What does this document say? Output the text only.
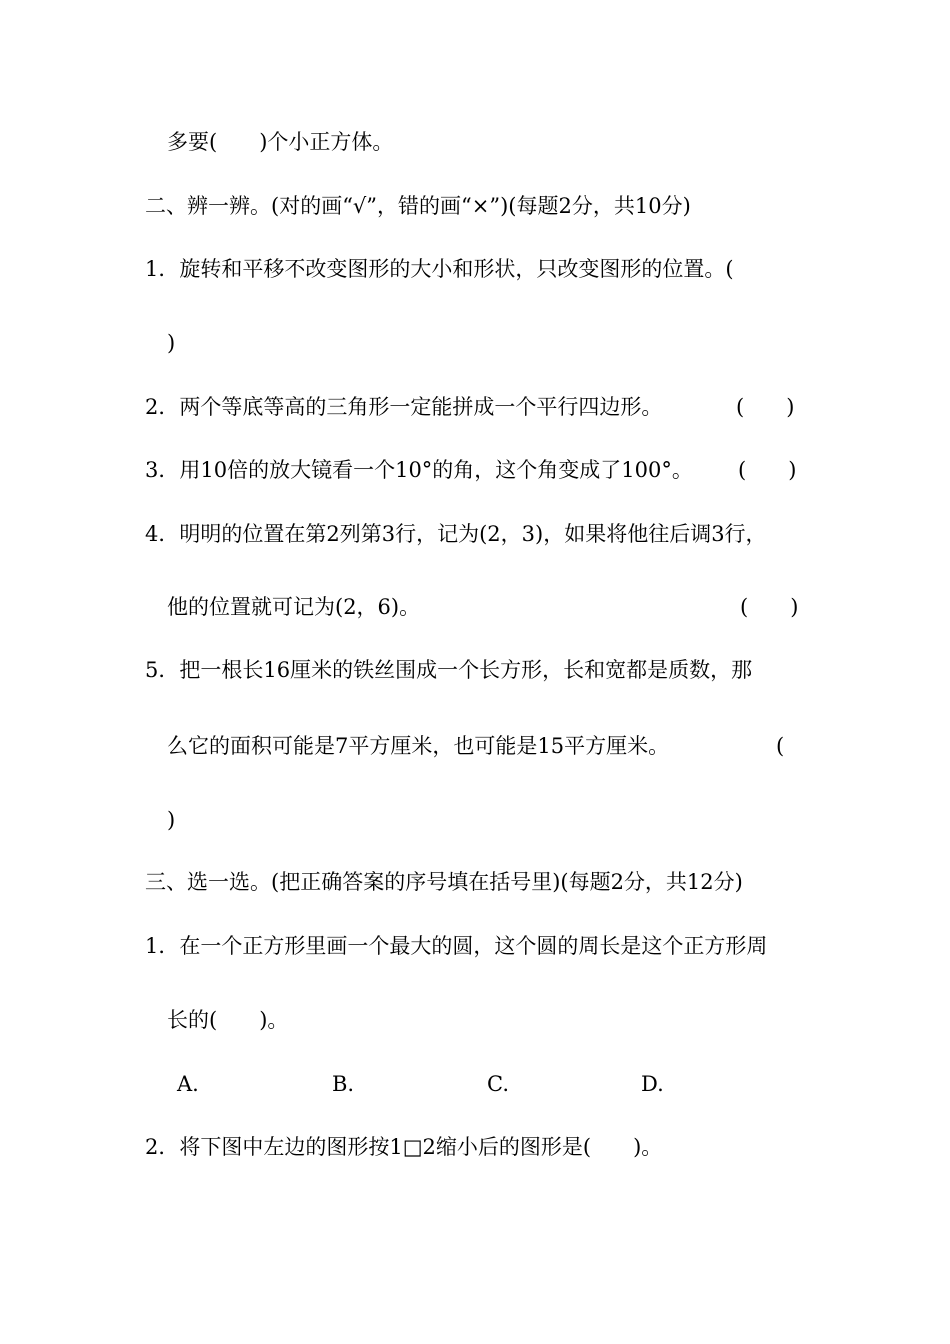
多要(　　)个小正方体。
二、辨一辨。(对的画“√”，错的画“×”)(每题2分，共10分)
1．旋转和平移不改变图形的大小和形状，只改变图形的位置。(
)
2．两个等底等高的三角形一定能拼成一个平行四边形。	(　　)
3．用10倍的放大镜看一个10°的角，这个角变成了100°。 (　　)
4．明明的位置在第2列第3行，记为(2，3)，如果将他往后调3行，
他的位置就可记为(2，6)。	(　　)
5．把一根长16厘米的铁丝围成一个长方形，长和宽都是质数，那
么它的面积可能是7平方厘米，也可能是15平方厘米。	(
)
三、选一选。(把正确答案的序号填在括号里)(每题2分，共12分)
1．在一个正方形里画一个最大的圆，这个圆的周长是这个正方形周
长的(　　)。
A.	B.	C.	D.
2．将下图中左边的图形按1□2缩小后的图形是(　　)。
